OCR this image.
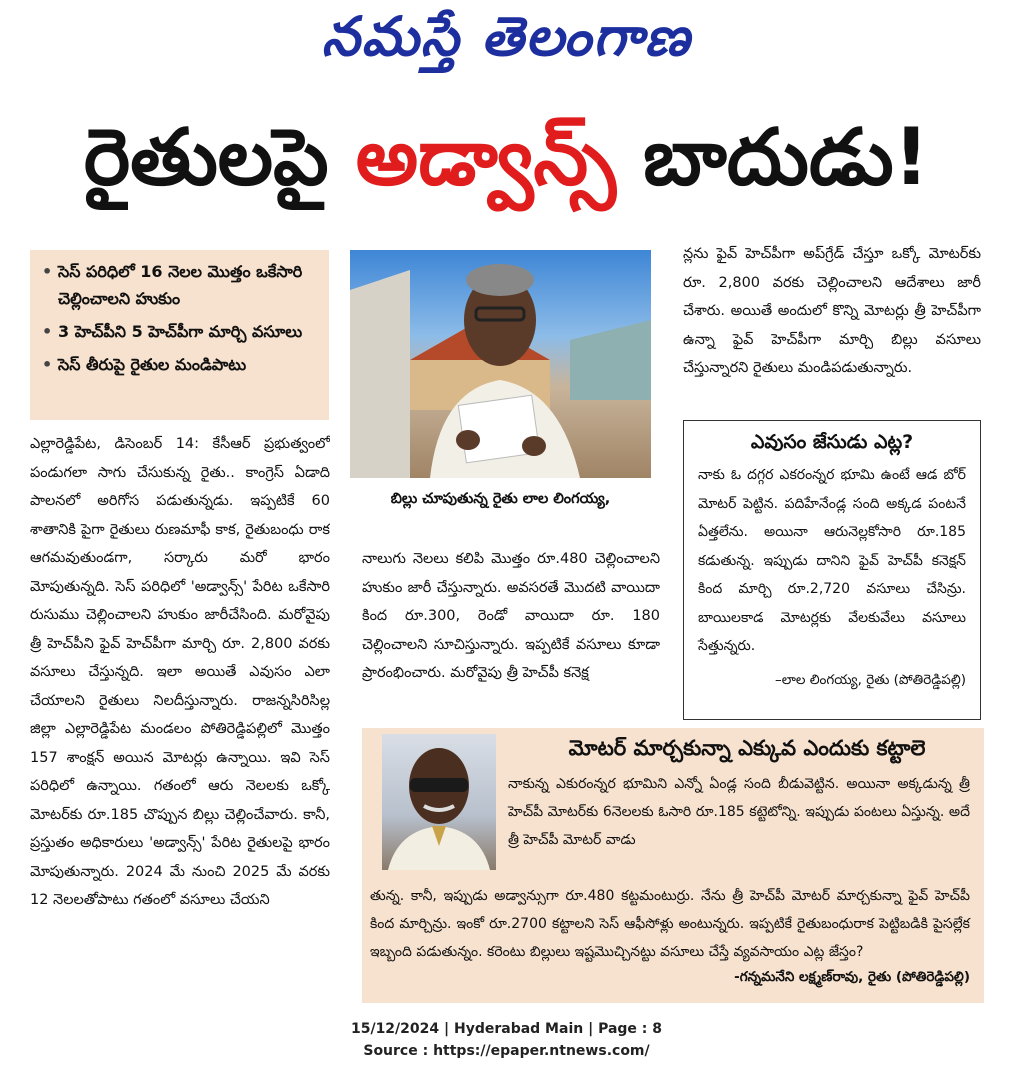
నమస్తే తెలంగాణ
రైతులపై అడ్వాన్స్ బాదుడు!
• సెస్ పరిధిలో 16 నెలల మొత్తం ఒకేసారి చెల్లించాలని హుకుం
• 3 హెచ్‌పీని 5 హెచ్‌పీగా మార్చి వసూలు
• సెస్ తీరుపై రైతుల మండిపాటు

ఎల్లారెడ్డిపేట, డిసెంబర్ 14: కేసీఆర్ ప్రభుత్వంలో పండుగలా సాగు చేసుకున్న రైతు.. కాంగ్రెస్ ఏడాది పాలనలో అరిగోస పడుతున్నడు. ఇప్పటికే 60 శాతానికి పైగా రైతులు రుణమాఫీ కాక, రైతుబంధు రాక ఆగమవుతుండగా, సర్కారు మరో భారం మోపుతున్నది. సెస్ పరిధిలో 'అడ్వాన్స్' పేరిట ఒకేసారి రుసుము చెల్లించాలని హుకుం జారీచేసింది. మరోవైపు త్రీ హెచ్‌పీని ఫైవ్ హెచ్‌పీగా మార్చి రూ. 2,800 వరకు వసూలు చేస్తున్నది. ఇలా అయితే ఎవుసం ఎలా చేయాలని రైతులు నిలదీస్తున్నారు. రాజన్నసిరిసిల్ల జిల్లా ఎల్లారెడ్డిపేట మండలం పోతిరెడ్డిపల్లిలో మొత్తం 157 శాంక్షన్ అయిన మోటర్లు ఉన్నాయి. ఇవి సెస్ పరిధిలో ఉన్నాయి. గతంలో ఆరు నెలలకు ఒక్కో మోటర్‌కు రూ.185 చొప్పున బిల్లు చెల్లించేవారు. కానీ, ప్రస్తుతం అధికారులు 'అడ్వాన్స్' పేరిట రైతులపై భారం మోపుతున్నారు. 2024 మే నుంచి 2025 మే వరకు 12 నెలలతోపాటు గతంలో వసూలు చేయని

బిల్లు చూపుతున్న రైతు లాల లింగయ్య,

నాలుగు నెలలు కలిపి మొత్తం రూ.480 చెల్లించాలని హుకుం జారీ చేస్తున్నారు. అవసరతే మొదటి వాయిదా కింద రూ.300, రెండో వాయిదా రూ. 180 చెల్లించాలని సూచిస్తున్నారు. ఇప్పటికే వసూలు కూడా ప్రారంభించారు. మరోవైపు త్రీ హెచ్‌పీ కనెక్ష

న్లను ఫైవ్ హెచ్‌పీగా అప్‌గ్రేడ్ చేస్తూ ఒక్కో మోటర్‌కు రూ. 2,800 వరకు చెల్లించాలని ఆదేశాలు జారీ చేశారు. అయితే అందులో కొన్ని మోటర్లు త్రీ హెచ్‌పీగా ఉన్నా ఫైవ్ హెచ్‌పీగా మార్చి బిల్లు వసూలు చేస్తున్నారని రైతులు మండిపడుతున్నారు.

ఎవుసం జేసుడు ఎట్ల?
నాకు ఓ దగ్గర ఎకరంన్నర భూమి ఉంటే ఆడ బోర్ మోటర్ పెట్టిన. పదిహేనేండ్ల సంది అక్కడ పంటనే ఏత్తలేను. అయినా ఆరునెల్లకోసారి రూ.185 కడుతున్న. ఇప్పుడు దానిని ఫైవ్ హెచ్‌పీ కనెక్షన్ కింద మార్చి రూ.2,720 వసూలు చేసిన్రు. బాయిలకాడ మోటర్లకు వేలకువేలు వసూలు సేత్తున్నరు.
–లాల లింగయ్య, రైతు (పోతిరెడ్డిపల్లి)
మోటర్ మార్చకున్నా ఎక్కువ ఎందుకు కట్టాలె
నాకున్న ఎకురంన్నర భూమిని ఎన్నో ఏండ్ల సంది బీడువెట్టిన. అయినా అక్కడున్న త్రీ హెచ్‌పీ మోటర్‌కు 6నెలలకు ఓసారి రూ.185 కట్టెటోన్ని. ఇప్పుడు పంటలు ఏస్తున్న. అదే త్రీ హెచ్‌పీ మోటర్ వాడు
తున్న. కానీ, ఇప్పుడు అడ్వాన్సుగా రూ.480 కట్టమంటుర్రు. నేను త్రీ హెచ్‌పీ మోటర్ మార్చకున్నా ఫైవ్ హెచ్‌పీ కింద మార్చిన్రు. ఇంకో రూ.2700 కట్టాలని సెస్ ఆఫీసోళ్లు అంటున్నరు. ఇప్పటికే రైతుబంధురాక పెట్టిబడికి పైసల్లేక ఇబ్బంది పడుతున్నం. కరెంటు బిల్లులు ఇష్టమొచ్చినట్టు వసూలు చేస్తే వ్యవసాయం ఎట్ల జేస్తం?
-గన్నమనేని లక్ష్మణ్‌రావు, రైతు (పోతిరెడ్డిపల్లి)
15/12/2024 | Hyderabad Main | Page : 8
Source : https://epaper.ntnews.com/
